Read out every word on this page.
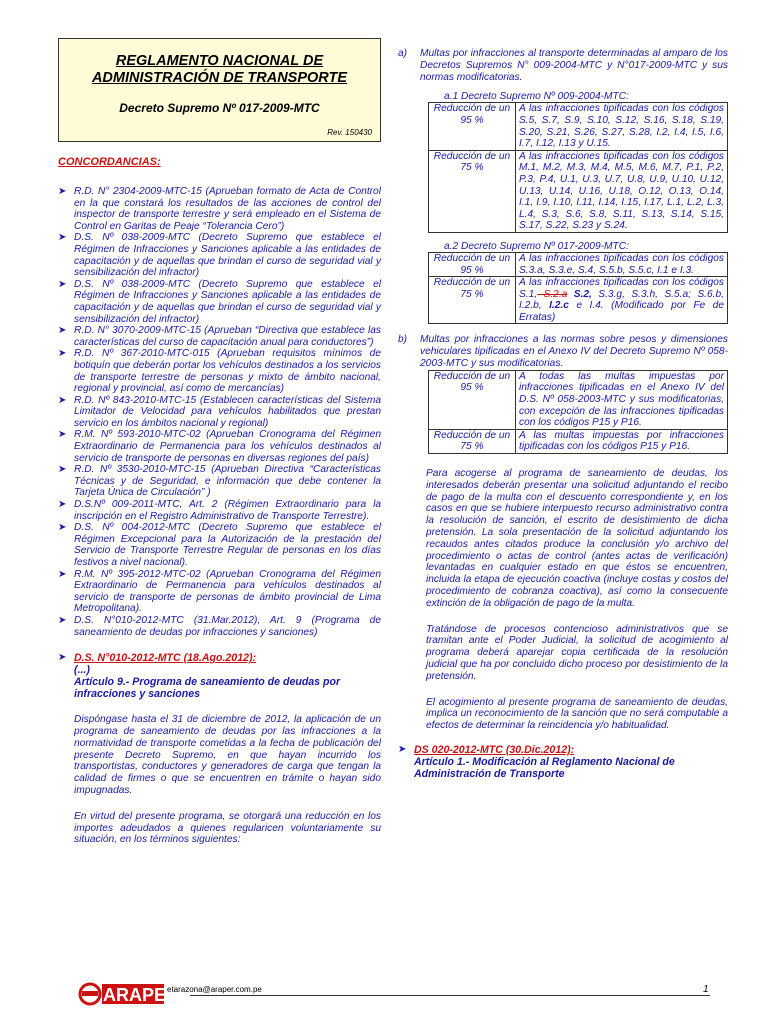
REGLAMENTO NACIONAL DE
ADMINISTRACIÓN DE TRANSPORTE
Decreto Supremo Nº 017-2009-MTC
Rev. 150430
CONCORDANCIAS:
➤ R.D. N° 2304-2009-MTC-15 (Aprueban formato de Acta de Control en la que constará los resultados de las acciones de control del inspector de transporte terrestre y será empleado en el Sistema de Control en Garitas de Peaje “Tolerancia Cero”)
➤ D.S. Nº 038-2009-MTC (Decreto Supremo que establece el Régimen de Infracciones y Sanciones aplicable a las entidades de capacitación y de aquellas que brindan el curso de seguridad vial y sensibilización del infractor)
➤ D.S. Nº 038-2009-MTC (Decreto Supremo que establece el Régimen de Infracciones y Sanciones aplicable a las entidades de capacitación y de aquellas que brindan el curso de seguridad vial y sensibilización del infractor)
➤ R.D. N° 3070-2009-MTC-15 (Aprueban “Directiva que establece las características del curso de capacitación anual para conductores”)
➤ R.D. Nº 367-2010-MTC-015 (Aprueban requisitos mínimos de botiquín que deberán portar los vehículos destinados a los servicios de transporte terrestre de personas y mixto de ámbito nacional, regional y provincial, así como de mercancías)
➤ R.D. Nº 843-2010-MTC-15 (Establecen características del Sistema Limitador de Velocidad para vehículos habilitados que prestan servicio en los ámbitos nacional y regional)
➤ R.M. Nº 593-2010-MTC-02 (Aprueban Cronograma del Régimen Extraordinario de Permanencia para los vehículos destinados al servicio de transporte de personas en diversas regiones del país)
➤ R.D. Nº 3530-2010-MTC-15 (Aprueban Directiva “Características Técnicas y de Seguridad, e información que debe contener la Tarjeta Única de Circulación” )
➤ D.S.Nº 009-2011-MTC, Art. 2 (Régimen Extraordinario para la inscripción en el Registro Administrativo de Transporte Terrestre).
➤ D.S. Nº 004-2012-MTC (Decreto Supremo que establece el Régimen Excepcional para la Autorización de la prestación del Servicio de Transporte Terrestre Regular de personas en los días festivos a nivel nacional).
➤ R.M. Nº 395-2012-MTC-02 (Aprueban Cronograma del Régimen Extraordinario de Permanencia para vehículos destinados al servicio de transporte de personas de ámbito provincial de Lima Metropolitana).
➤ D.S. N°010-2012-MTC (31.Mar.2012), Art. 9 (Programa de saneamiento de deudas por infracciones y sanciones)
➤ D.S. N°010-2012-MTC (18.Ago.2012):
(...)
Artículo 9.- Programa de saneamiento de deudas por infracciones y sanciones

Dispóngase hasta el 31 de diciembre de 2012, la aplicación de un programa de saneamiento de deudas por las infracciones a la normatividad de transporte cometidas a la fecha de publicación del presente Decreto Supremo, en que hayan incurrido los transportistas, conductores y generadores de carga que tengan la calidad de firmes o que se encuentren en trámite o hayan sido impugnadas.

En virtud del presente programa, se otorgará una reducción en los importes adeudados a quienes regularicen voluntariamente su situación, en los términos siguientes:

a) Multas por infracciones al transporte determinadas al amparo de los Decretos Supremos N° 009-2004-MTC y N°017-2009-MTC y sus normas modificatorias.
a.1 Decreto Supremo Nº 009-2004-MTC:
Reducción de un 95 %	A las infracciones tipificadas con los códigos S.5, S.7, S.9, S.10, S.12, S.16, S.18, S.19, S.20, S.21, S.26, S.27, S.28, I.2, I.4, I.5, I.6, I.7, I.12, I.13 y U.15.
Reducción de un 75 %	A las infracciones tipificadas con los códigos M.1, M.2, M.3, M.4, M.5, M.6, M.7, P.1, P.2, P.3, P.4, U.1, U.3, U.7, U.8, U.9, U.10, U.12, U.13, U.14, U.16, U.18, O.12, O.13, O.14, I.1, I.9, I.10, I.11, I.14, I.15, I.17, L.1, L.2, L.3, L.4, S.3, S.6, S.8, S.11, S.13, S.14, S.15, S.17, S.22, S.23 y S.24.
a.2 Decreto Supremo Nº 017-2009-MTC:
Reducción de un 95 %	A las infracciones tipificadas con los códigos S.3.a, S.3.e, S.4, S.5.b, S.5.c, I.1 e I.3.
Reducción de un 75 %	A las infracciones tipificadas con los códigos S.1, S.2.a S.2, S.3.g, S.3.h, S.5.a; S.6.b, I.2.b, I.2.c e I.4. (Modificado por Fe de Erratas)
b) Multas por infracciones a las normas sobre pesos y dimensiones vehiculares tipificadas en el Anexo IV del Decreto Supremo Nº 058-2003-MTC y sus modificatorias.
Reducción de un 95 %	A todas las multas impuestas por infracciones tipificadas en el Anexo IV del D.S. Nº 058-2003-MTC y sus modificatorias, con excepción de las infracciones tipificadas con los códigos P15 y P16.
Reducción de un 75 %	A las multas impuestas por infracciones tipificadas con los códigos P15 y P16.

Para acogerse al programa de saneamiento de deudas, los interesados deberán presentar una solicitud adjuntando el recibo de pago de la multa con el descuento correspondiente y, en los casos en que se hubiere interpuesto recurso administrativo contra la resolución de sanción, el escrito de desistimiento de dicha pretensión. La sola presentación de la solicitud adjuntando los recaudos antes citados produce la conclusión y/o archivo del procedimiento o actas de control (antes actas de verificación) levantadas en cualquier estado en que éstos se encuentren, incluida la etapa de ejecución coactiva (incluye costas y costos del procedimiento de cobranza coactiva), así como la consecuente extinción de la obligación de pago de la multa.

Tratándose de procesos contencioso administrativos que se tramitan ante el Poder Judicial, la solicitud de acogimiento al programa deberá aparejar copia certificada de la resolución judicial que ha por concluido dicho proceso por desistimiento de la pretensión.

El acogimiento al presente programa de saneamiento de deudas, implica un reconocimiento de la sanción que no será computable a efectos de determinar la reincidencia y/o habitualidad.

➤ DS 020-2012-MTC (30.Dic.2012):
Artículo 1.- Modificación al Reglamento Nacional de Administración de Transporte
ARAPER
etarazona@araper.com.pe	1
